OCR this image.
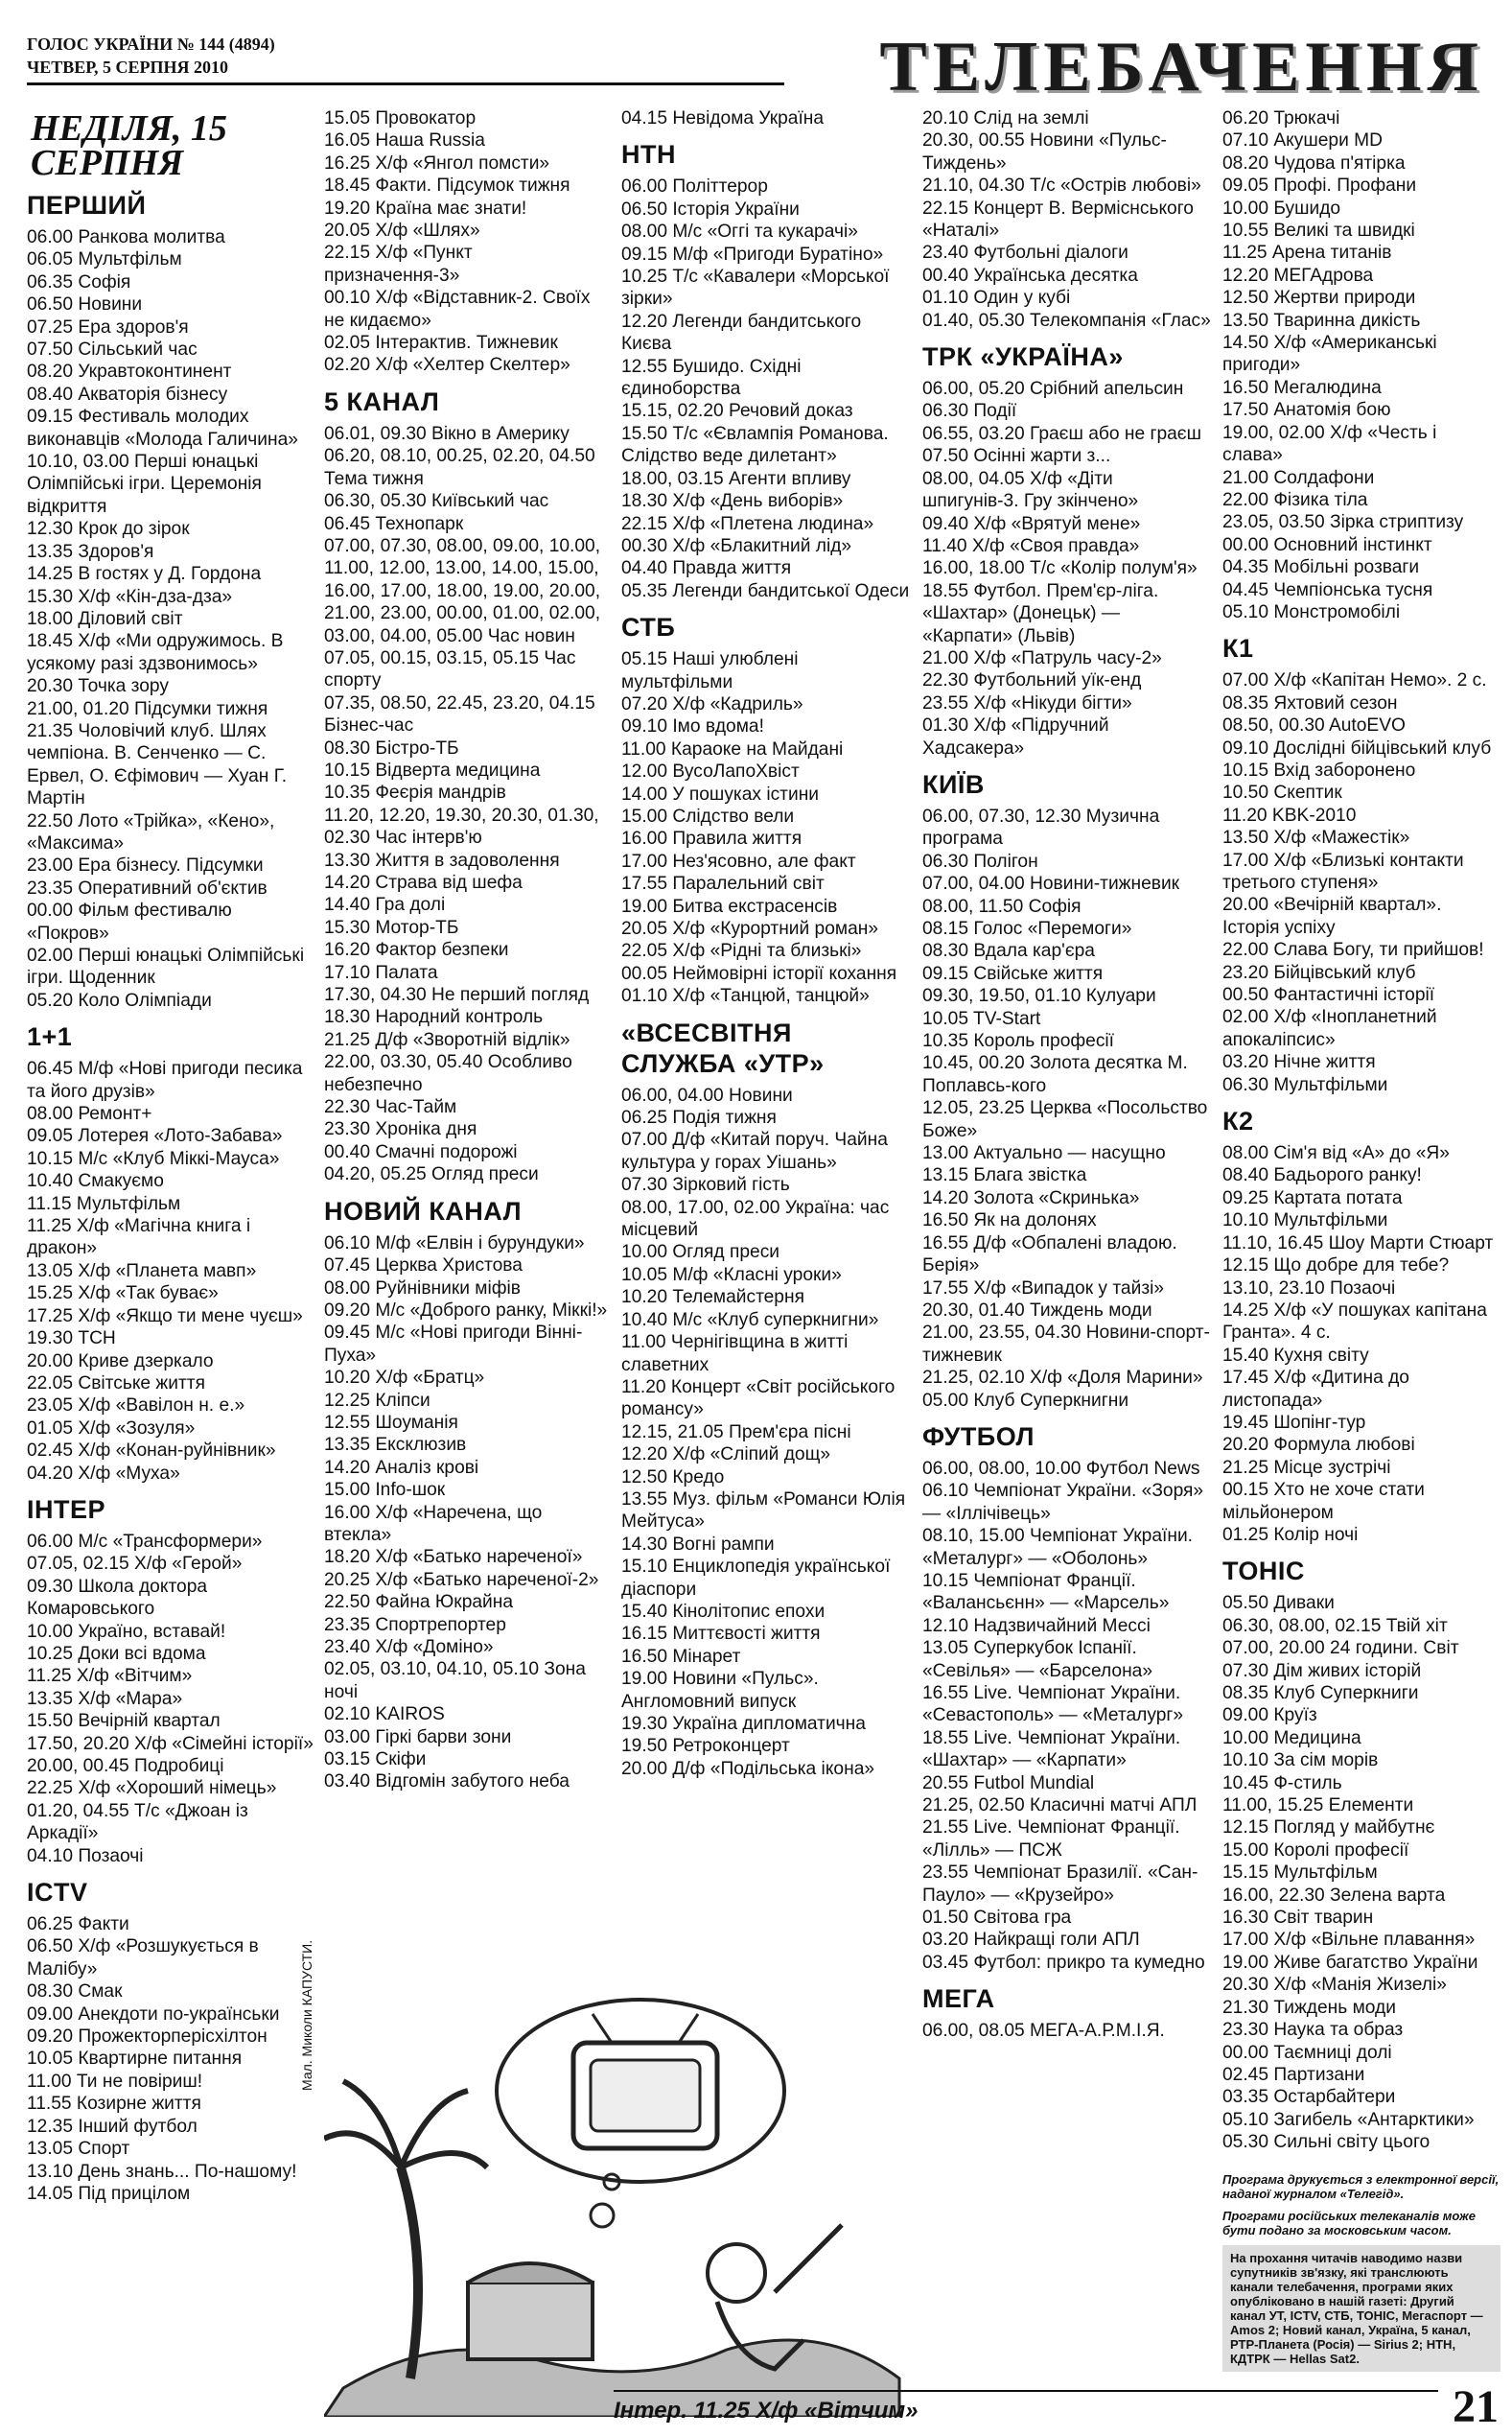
ГОЛОС УКРАЇНИ № 144 (4894)
ЧЕТВЕР, 5 СЕРПНЯ 2010	ТЕЛЕБАЧЕННЯ
НЕДІЛЯ, 15 СЕРПНЯ
ПЕРШИЙ
06.00 Ранкова молитва
06.05 Мультфільм
06.35 Софія
06.50 Новини
07.25 Ера здоров'я
07.50 Сільський час
08.20 Укравтоконтинент
08.40 Акваторія бізнесу
09.15 Фестиваль молодих виконавців «Молода Галичина»
10.10, 03.00 Перші юнацькі Олімпійські ігри. Церемонія відкриття
12.30 Крок до зірок
13.35 Здоров'я
14.25 В гостях у Д. Гордона
15.30 Х/ф «Кін-дза-дза»
18.00 Діловий світ
18.45 Х/ф «Ми одружимось. В усякому разі здзвонимось»
20.30 Точка зору
21.00, 01.20 Підсумки тижня
21.35 Чоловічий клуб. Шлях чемпіона. В. Сенченко — С. Ервел, О. Єфімович — Хуан Г. Мартін
22.50 Лото «Трійка», «Кено», «Максима»
23.00 Ера бізнесу. Підсумки
23.35 Оперативний об'єктив
00.00 Фільм фестивалю «Покров»
02.00 Перші юнацькі Олімпійські ігри. Щоденник
05.20 Коло Олімпіади
1+1
06.45 М/ф «Нові пригоди песика та його друзів»
08.00 Ремонт+
09.05 Лотерея «Лото-Забава»
10.15 М/с «Клуб Міккі-Мауса»
10.40 Смакуємо
11.15 Мультфільм
11.25 Х/ф «Магічна книга і дракон»
13.05 Х/ф «Планета мавп»
15.25 Х/ф «Так буває»
17.25 Х/ф «Якщо ти мене чуєш»
19.30 ТСН
20.00 Криве дзеркало
22.05 Світське життя
23.05 Х/ф «Вавілон н. е.»
01.05 Х/ф «Зозуля»
02.45 Х/ф «Конан-руйнівник»
04.20 Х/ф «Муха»
ІНТЕР
06.00 М/с «Трансформери»
07.05, 02.15 Х/ф «Герой»
09.30 Школа доктора Комаровського
10.00 Україно, вставай!
10.25 Доки всі вдома
11.25 Х/ф «Вітчим»
13.35 Х/ф «Мара»
15.50 Вечірній квартал
17.50, 20.20 Х/ф «Сімейні історії»
20.00, 00.45 Подробиці
22.25 Х/ф «Хороший німець»
01.20, 04.55 Т/с «Джоан із Аркадії»
04.10 Позаочі
ICTV
06.25 Факти
06.50 Х/ф «Розшукується в Малібу»
08.30 Смак
09.00 Анекдоти по-українськи
09.20 Прожекторперісхілтон
10.05 Квартирне питання
11.00 Ти не повіриш!
11.55 Козирне життя
12.35 Інший футбол
13.05 Спорт
13.10 День знань... По-нашому!
14.05 Під прицілом
15.05 Провокатор
16.05 Наша Russia
16.25 Х/ф «Янгол помсти»
18.45 Факти. Підсумок тижня
19.20 Країна має знати!
20.05 Х/ф «Шлях»
22.15 Х/ф «Пункт призначення-3»
00.10 Х/ф «Відставник-2. Своїх не кидаємо»
02.05 Інтерактив. Тижневик
02.20 Х/ф «Хелтер Скелтер»
5 КАНАЛ
06.01, 09.30 Вікно в Америку
06.20, 08.10, 00.25, 02.20, 04.50 Тема тижня
06.30, 05.30 Київський час
06.45 Технопарк
07.00, 07.30, 08.00, 09.00, 10.00, 11.00, 12.00, 13.00, 14.00, 15.00, 16.00, 17.00, 18.00, 19.00, 20.00, 21.00, 23.00, 00.00, 01.00, 02.00, 03.00, 04.00, 05.00 Час новин
07.05, 00.15, 03.15, 05.15 Час спорту
07.35, 08.50, 22.45, 23.20, 04.15 Бізнес-час
08.30 Бістро-ТБ
10.15 Відверта медицина
10.35 Феєрія мандрів
11.20, 12.20, 19.30, 20.30, 01.30, 02.30 Час інтерв'ю
13.30 Життя в задоволення
14.20 Страва від шефа
14.40 Гра долі
15.30 Мотор-ТБ
16.20 Фактор безпеки
17.10 Палата
17.30, 04.30 Не перший погляд
18.30 Народний контроль
21.25 Д/ф «Зворотній відлік»
22.00, 03.30, 05.40 Особливо небезпечно
22.30 Час-Тайм
23.30 Хроніка дня
00.40 Смачні подорожі
04.20, 05.25 Огляд преси
НОВИЙ КАНАЛ
06.10 М/ф «Елвін і бурундуки»
07.45 Церква Христова
08.00 Руйнівники міфів
09.20 М/с «Доброго ранку, Міккі!»
09.45 М/с «Нові пригоди Вінні-Пуха»
10.20 Х/ф «Братц»
12.25 Кліпси
12.55 Шоуманія
13.35 Ексклюзив
14.20 Аналіз крові
15.00 Info-шок
16.00 Х/ф «Наречена, що втекла»
18.20 Х/ф «Батько нареченої»
20.25 Х/ф «Батько нареченої-2»
22.50 Файна Юкрайна
23.35 Спортрепортер
23.40 Х/ф «Доміно»
02.05, 03.10, 04.10, 05.10 Зона ночі
02.10 KAIROS
03.00 Гіркі барви зони
03.15 Скіфи
03.40 Відгомін забутого неба
04.15 Невідома Україна
НТН
06.00 Політтерор
06.50 Історія України
08.00 М/с «Оггі та кукарачі»
09.15 М/ф «Пригоди Буратіно»
10.25 Т/с «Кавалери «Морської зірки»
12.20 Легенди бандитського Києва
12.55 Бушидо. Східні єдиноборства
15.15, 02.20 Речовий доказ
15.50 Т/с «Євлампія Романова. Слідство веде дилетант»
18.00, 03.15 Агенти впливу
18.30 Х/ф «День виборів»
22.15 Х/ф «Плетена людина»
00.30 Х/ф «Блакитний лід»
04.40 Правда життя
05.35 Легенди бандитської Одеси
СТБ
05.15 Наші улюблені мультфільми
07.20 Х/ф «Кадриль»
09.10 Імо вдома!
11.00 Караоке на Майдані
12.00 ВусоЛапоХвіст
14.00 У пошуках істини
15.00 Слідство вели
16.00 Правила життя
17.00 Нез'ясовно, але факт
17.55 Паралельний світ
19.00 Битва екстрасенсів
20.05 Х/ф «Курортний роман»
22.05 Х/ф «Рідні та близькі»
00.05 Неймовірні історії кохання
01.10 Х/ф «Танцюй, танцюй»
«ВСЕСВІТНЯ СЛУЖБА «УТР»
06.00, 04.00 Новини
06.25 Подія тижня
07.00 Д/ф «Китай поруч. Чайна культура у горах Уішань»
07.30 Зірковий гість
08.00, 17.00, 02.00 Україна: час місцевий
10.00 Огляд преси
10.05 М/ф «Класні уроки»
10.20 Телемайстерня
10.40 М/с «Клуб суперкнигни»
11.00 Чернігівщина в житті славетних
11.20 Концерт «Світ російського романсу»
12.15, 21.05 Прем'єра пісні
12.20 Х/ф «Сліпий дощ»
12.50 Кредо
13.55 Муз. фільм «Романси Юлія Мейтуса»
14.30 Вогні рампи
15.10 Енциклопедія української діаспори
15.40 Кінолітопис епохи
16.15 Миттєвості життя
16.50 Мінарет
19.00 Новини «Пульс». Англомовний випуск
19.30 Україна дипломатична
19.50 Ретроконцерт
20.00 Д/ф «Подільська ікона»
20.10 Слід на землі
20.30, 00.55 Новини «Пульс-Тиждень»
21.10, 04.30 Т/с «Острів любові»
22.15 Концерт В. Верміснського «Наталі»
23.40 Футбольні діалоги
00.40 Українська десятка
01.10 Один у кубі
01.40, 05.30 Телекомпанія «Глас»
ТРК «УКРАЇНА»
06.00, 05.20 Срібний апельсин
06.30 Події
06.55, 03.20 Граєш або не граєш
07.50 Осінні жарти з...
08.00, 04.05 Х/ф «Діти шпигунів-3. Гру зкінчено»
09.40 Х/ф «Врятуй мене»
11.40 Х/ф «Своя правда»
16.00, 18.00 Т/с «Колір полум'я»
18.55 Футбол. Прем'єр-ліга. «Шахтар» (Донецьк) — «Карпати» (Львів)
21.00 Х/ф «Патруль часу-2»
22.30 Футбольний уїк-енд
23.55 Х/ф «Нікуди бігти»
01.30 Х/ф «Підручний Хадсакера»
КИЇВ
06.00, 07.30, 12.30 Музична програма
06.30 Полігон
07.00, 04.00 Новини-тижневик
08.00, 11.50 Софія
08.15 Голос «Перемоги»
08.30 Вдала кар'єра
09.15 Свійське життя
09.30, 19.50, 01.10 Кулуари
10.05 TV-Start
10.35 Король професії
10.45, 00.20 Золота десятка М. Поплавсь-кого
12.05, 23.25 Церква «Посольство Боже»
13.00 Актуально — насущно
13.15 Блага звістка
14.20 Золота «Скринька»
16.50 Як на долонях
16.55 Д/ф «Обпалені владою. Берія»
17.55 Х/ф «Випадок у тайзі»
20.30, 01.40 Тиждень моди
21.00, 23.55, 04.30 Новини-спорт-тижневик
21.25, 02.10 Х/ф «Доля Марини»
05.00 Клуб Суперкнигни
ФУТБОЛ
06.00, 08.00, 10.00 Футбол News
06.10 Чемпіонат України. «Зоря» — «Іллічівець»
08.10, 15.00 Чемпіонат України. «Металург» — «Оболонь»
10.15 Чемпіонат Франції. «Валансьєнн» — «Марсель»
12.10 Надзвичайний Мессі
13.05 Суперкубок Іспанії. «Севілья» — «Барселона»
16.55 Live. Чемпіонат України. «Севастополь» — «Металург»
18.55 Live. Чемпіонат України. «Шахтар» — «Карпати»
20.55 Futbol Mundial
21.25, 02.50 Класичні матчі АПЛ
21.55 Live. Чемпіонат Франції. «Лілль» — ПСЖ
23.55 Чемпіонат Бразилії. «Сан-Пауло» — «Крузейро»
01.50 Світова гра
03.20 Найкращі голи АПЛ
03.45 Футбол: прикро та кумедно
МЕГА
06.00, 08.05 МЕГА-А.Р.М.І.Я.
06.20 Трюкачі
07.10 Акушери MD
08.20 Чудова п'ятірка
09.05 Профі. Профани
10.00 Бушидо
10.55 Великі та швидкі
11.25 Арена титанів
12.20 МЕГАдрова
12.50 Жертви природи
13.50 Тваринна дикість
14.50 Х/ф «Американські пригоди»
16.50 Мегалюдина
17.50 Анатомія бою
19.00, 02.00 Х/ф «Честь і слава»
21.00 Солдафони
22.00 Фізика тіла
23.05, 03.50 Зірка стриптизу
00.00 Основний інстинкт
04.35 Мобільні розваги
04.45 Чемпіонська тусня
05.10 Монстромобілі
К1
07.00 Х/ф «Капітан Немо». 2 с.
08.35 Яхтовий сезон
08.50, 00.30 AutoEVO
09.10 Дослідні бійцівський клуб
10.15 Вхід заборонено
10.50 Скептик
11.20 KBK-2010
13.50 Х/ф «Мажестік»
17.00 Х/ф «Близькі контакти третього ступеня»
20.00 «Вечірній квартал». Історія успіху
22.00 Слава Богу, ти прийшов!
23.20 Бійцівський клуб
00.50 Фантастичні історії
02.00 Х/ф «Інопланетний апокаліпсис»
03.20 Нічне життя
06.30 Мультфільми
К2
08.00 Сім'я від «А» до «Я»
08.40 Бадьорого ранку!
09.25 Картата потата
10.10 Мультфільми
11.10, 16.45 Шоу Марти Стюарт
12.15 Що добре для тебе?
13.10, 23.10 Позаочі
14.25 Х/ф «У пошуках капітана Гранта». 4 с.
15.40 Кухня світу
17.45 Х/ф «Дитина до листопада»
19.45 Шопінг-тур
20.20 Формула любові
21.25 Місце зустрічі
00.15 Хто не хоче стати мільйонером
01.25 Колір ночі
ТОНІС
05.50 Диваки
06.30, 08.00, 02.15 Твій хіт
07.00, 20.00 24 години. Світ
07.30 Дім живих історій
08.35 Клуб Суперкниги
09.00 Круїз
10.00 Медицина
10.10 За сім морів
10.45 Ф-стиль
11.00, 15.25 Елементи
12.15 Погляд у майбутнє
15.00 Королі професії
15.15 Мультфільм
16.00, 22.30 Зелена варта
16.30 Світ тварин
17.00 Х/ф «Вільне плавання»
19.00 Живе багатство України
20.30 Х/ф «Манія Жизелі»
21.30 Тиждень моди
23.30 Наука та образ
00.00 Таємниці долі
02.45 Партизани
03.35 Остарбайтери
05.10 Загибель «Антарктики»
05.30 Сильні світу цього
Мал. Миколи КАПУСТИ.

Програма друкується з електронної версії, наданої журналом «Телегід».

Програми російських телеканалів може бути подано за московським часом.

На прохання читачів наводимо назви супутників зв'язку, які транслюють канали телебачення, програми яких опубліковано в нашій газеті: Другий канал УТ, ICTV, СТБ, ТОНІС, Мегаспорт — Amos 2; Новий канал, Україна, 5 канал, РТР-Планета (Росія) — Sirius 2; НТН, КДТРК — Hellas Sat2.

Інтер. 11.25 Х/ф «Вітчим»	21
